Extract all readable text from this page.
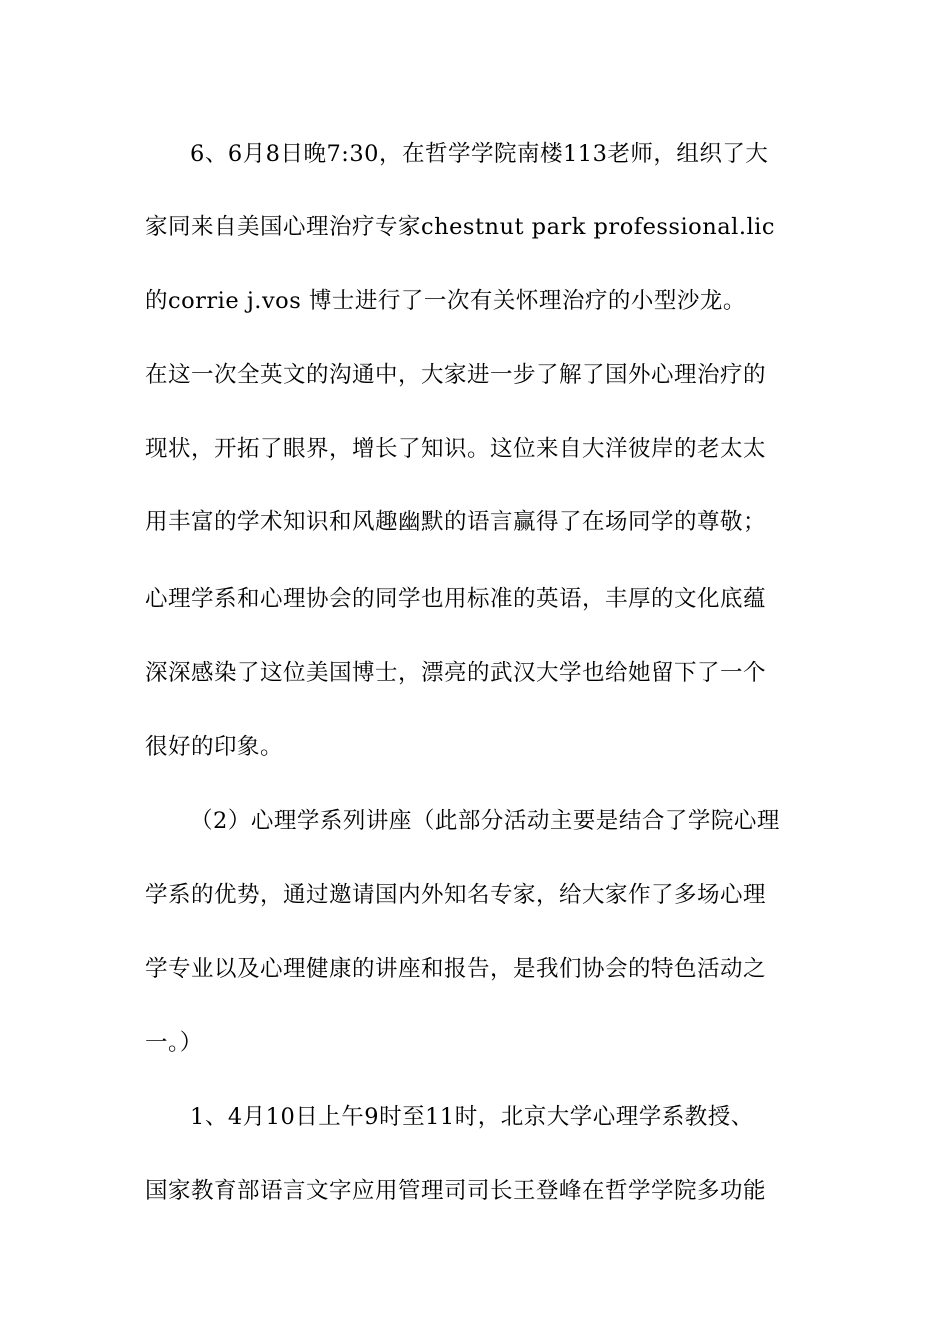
6、6月8日晚7:30，在哲学学院南楼113老师，组织了大
家同来自美国心理治疗专家chestnut park professional.lic
的corrie j.vos 博士进行了一次有关怀理治疗的小型沙龙。
在这一次全英文的沟通中，大家进一步了解了国外心理治疗的
现状，开拓了眼界，增长了知识。这位来自大洋彼岸的老太太
用丰富的学术知识和风趣幽默的语言赢得了在场同学的尊敬；
心理学系和心理协会的同学也用标准的英语，丰厚的文化底蕴
深深感染了这位美国博士，漂亮的武汉大学也给她留下了一个
很好的印象。
（2）心理学系列讲座（此部分活动主要是结合了学院心理
学系的优势，通过邀请国内外知名专家，给大家作了多场心理
学专业以及心理健康的讲座和报告，是我们协会的特色活动之
一。）
1、4月10日上午9时至11时，北京大学心理学系教授、
国家教育部语言文字应用管理司司长王登峰在哲学学院多功能
